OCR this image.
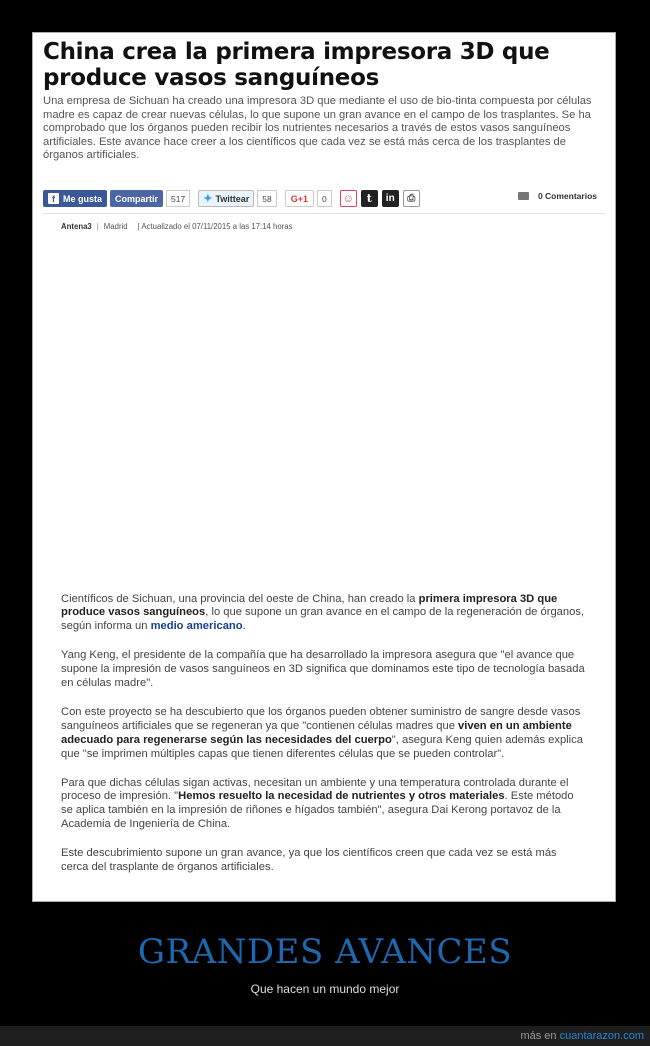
China crea la primera impresora 3D que produce vasos sanguíneos

Una empresa de Sichuan ha creado una impresora 3D que mediante el uso de bio-tinta compuesta por células madre es capaz de crear nuevas células, lo que supone un gran avance en el campo de los trasplantes. Se ha comprobado que los órganos pueden recibir los nutrientes necesarios a través de estos vasos sanguíneos artificiales. Este avance hace creer a los científicos que cada vez se está más cerca de los trasplantes de órganos artificiales.

f Me gusta Compartir	517	✦ Twittear	58	G+1	0	☺	t	in	⎙	0 Comentarios
Antena3 | Madrid | Actualizado el 07/11/2015 a las 17:14 horas

Científicos de Sichuan, una provincia del oeste de China, han creado la primera impresora 3D que produce vasos sanguíneos, lo que supone un gran avance en el campo de la regeneración de órganos, según informa un medio americano.

Yang Keng, el presidente de la compañía que ha desarrollado la impresora asegura que "el avance que supone la impresión de vasos sanguíneos en 3D significa que dominamos este tipo de tecnología basada en células madre".

Con este proyecto se ha descubierto que los órganos pueden obtener suministro de sangre desde vasos sanguíneos artificiales que se regeneran ya que "contienen células madres que viven en un ambiente adecuado para regenerarse según las necesidades del cuerpo", asegura Keng quien además explica que "se imprimen múltiples capas que tienen diferentes células que se pueden controlar".

Para que dichas células sigan activas, necesitan un ambiente y una temperatura controlada durante el proceso de impresión. "Hemos resuelto la necesidad de nutrientes y otros materiales. Este método se aplica también en la impresión de riñones e hígados también", asegura Dai Kerong portavoz de la Academia de Ingeniería de China.

Este descubrimiento supone un gran avance, ya que los científicos creen que cada vez se está más cerca del trasplante de órganos artificiales.

GRANDES AVANCES
Que hacen un mundo mejor
más en cuantarazon.com
